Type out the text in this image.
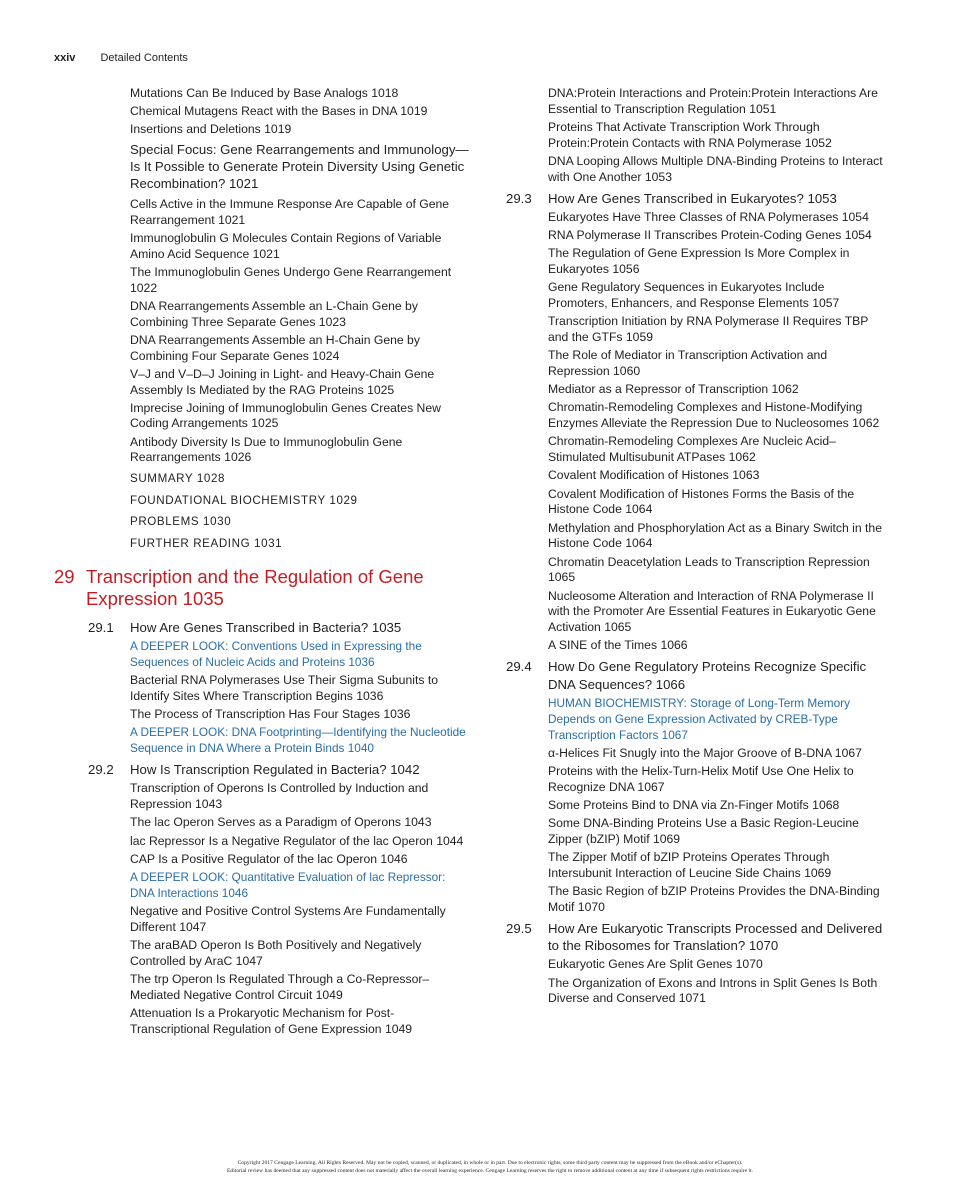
xxiv Detailed Contents
Mutations Can Be Induced by Base Analogs 1018
Chemical Mutagens React with the Bases in DNA 1019
Insertions and Deletions 1019
Special Focus: Gene Rearrangements and Immunology—Is It Possible to Generate Protein Diversity Using Genetic Recombination? 1021
Cells Active in the Immune Response Are Capable of Gene Rearrangement 1021
Immunoglobulin G Molecules Contain Regions of Variable Amino Acid Sequence 1021
The Immunoglobulin Genes Undergo Gene Rearrangement 1022
DNA Rearrangements Assemble an L-Chain Gene by Combining Three Separate Genes 1023
DNA Rearrangements Assemble an H-Chain Gene by Combining Four Separate Genes 1024
V–J and V–D–J Joining in Light- and Heavy-Chain Gene Assembly Is Mediated by the RAG Proteins 1025
Imprecise Joining of Immunoglobulin Genes Creates New Coding Arrangements 1025
Antibody Diversity Is Due to Immunoglobulin Gene Rearrangements 1026
SUMMARY 1028
FOUNDATIONAL BIOCHEMISTRY 1029
PROBLEMS 1030
FURTHER READING 1031
29 Transcription and the Regulation of Gene Expression 1035
29.1 How Are Genes Transcribed in Bacteria? 1035
A DEEPER LOOK: Conventions Used in Expressing the Sequences of Nucleic Acids and Proteins 1036
Bacterial RNA Polymerases Use Their Sigma Subunits to Identify Sites Where Transcription Begins 1036
The Process of Transcription Has Four Stages 1036
A DEEPER LOOK: DNA Footprinting—Identifying the Nucleotide Sequence in DNA Where a Protein Binds 1040
29.2 How Is Transcription Regulated in Bacteria? 1042
Transcription of Operons Is Controlled by Induction and Repression 1043
The lac Operon Serves as a Paradigm of Operons 1043
lac Repressor Is a Negative Regulator of the lac Operon 1044
CAP Is a Positive Regulator of the lac Operon 1046
A DEEPER LOOK: Quantitative Evaluation of lac Repressor: DNA Interactions 1046
Negative and Positive Control Systems Are Fundamentally Different 1047
The araBAD Operon Is Both Positively and Negatively Controlled by AraC 1047
The trp Operon Is Regulated Through a Co-Repressor–Mediated Negative Control Circuit 1049
Attenuation Is a Prokaryotic Mechanism for Post-Transcriptional Regulation of Gene Expression 1049
DNA:Protein Interactions and Protein:Protein Interactions Are Essential to Transcription Regulation 1051
Proteins That Activate Transcription Work Through Protein:Protein Contacts with RNA Polymerase 1052
DNA Looping Allows Multiple DNA-Binding Proteins to Interact with One Another 1053
29.3 How Are Genes Transcribed in Eukaryotes? 1053
Eukaryotes Have Three Classes of RNA Polymerases 1054
RNA Polymerase II Transcribes Protein-Coding Genes 1054
The Regulation of Gene Expression Is More Complex in Eukaryotes 1056
Gene Regulatory Sequences in Eukaryotes Include Promoters, Enhancers, and Response Elements 1057
Transcription Initiation by RNA Polymerase II Requires TBP and the GTFs 1059
The Role of Mediator in Transcription Activation and Repression 1060
Mediator as a Repressor of Transcription 1062
Chromatin-Remodeling Complexes and Histone-Modifying Enzymes Alleviate the Repression Due to Nucleosomes 1062
Chromatin-Remodeling Complexes Are Nucleic Acid–Stimulated Multisubunit ATPases 1062
Covalent Modification of Histones 1063
Covalent Modification of Histones Forms the Basis of the Histone Code 1064
Methylation and Phosphorylation Act as a Binary Switch in the Histone Code 1064
Chromatin Deacetylation Leads to Transcription Repression 1065
Nucleosome Alteration and Interaction of RNA Polymerase II with the Promoter Are Essential Features in Eukaryotic Gene Activation 1065
A SINE of the Times 1066
29.4 How Do Gene Regulatory Proteins Recognize Specific DNA Sequences? 1066
HUMAN BIOCHEMISTRY: Storage of Long-Term Memory Depends on Gene Expression Activated by CREB-Type Transcription Factors 1067
α-Helices Fit Snugly into the Major Groove of B-DNA 1067
Proteins with the Helix-Turn-Helix Motif Use One Helix to Recognize DNA 1067
Some Proteins Bind to DNA via Zn-Finger Motifs 1068
Some DNA-Binding Proteins Use a Basic Region-Leucine Zipper (bZIP) Motif 1069
The Zipper Motif of bZIP Proteins Operates Through Intersubunit Interaction of Leucine Side Chains 1069
The Basic Region of bZIP Proteins Provides the DNA-Binding Motif 1070
29.5 How Are Eukaryotic Transcripts Processed and Delivered to the Ribosomes for Translation? 1070
Eukaryotic Genes Are Split Genes 1070
The Organization of Exons and Introns in Split Genes Is Both Diverse and Conserved 1071
Copyright 2017 Cengage Learning. All Rights Reserved. May not be copied, scanned, or duplicated, in whole or in part. Due to electronic rights, some third party content may be suppressed from the eBook and/or eChapter(s).
Editorial review has deemed that any suppressed content does not materially affect the overall learning experience. Cengage Learning reserves the right to remove additional content at any time if subsequent rights restrictions require it.
